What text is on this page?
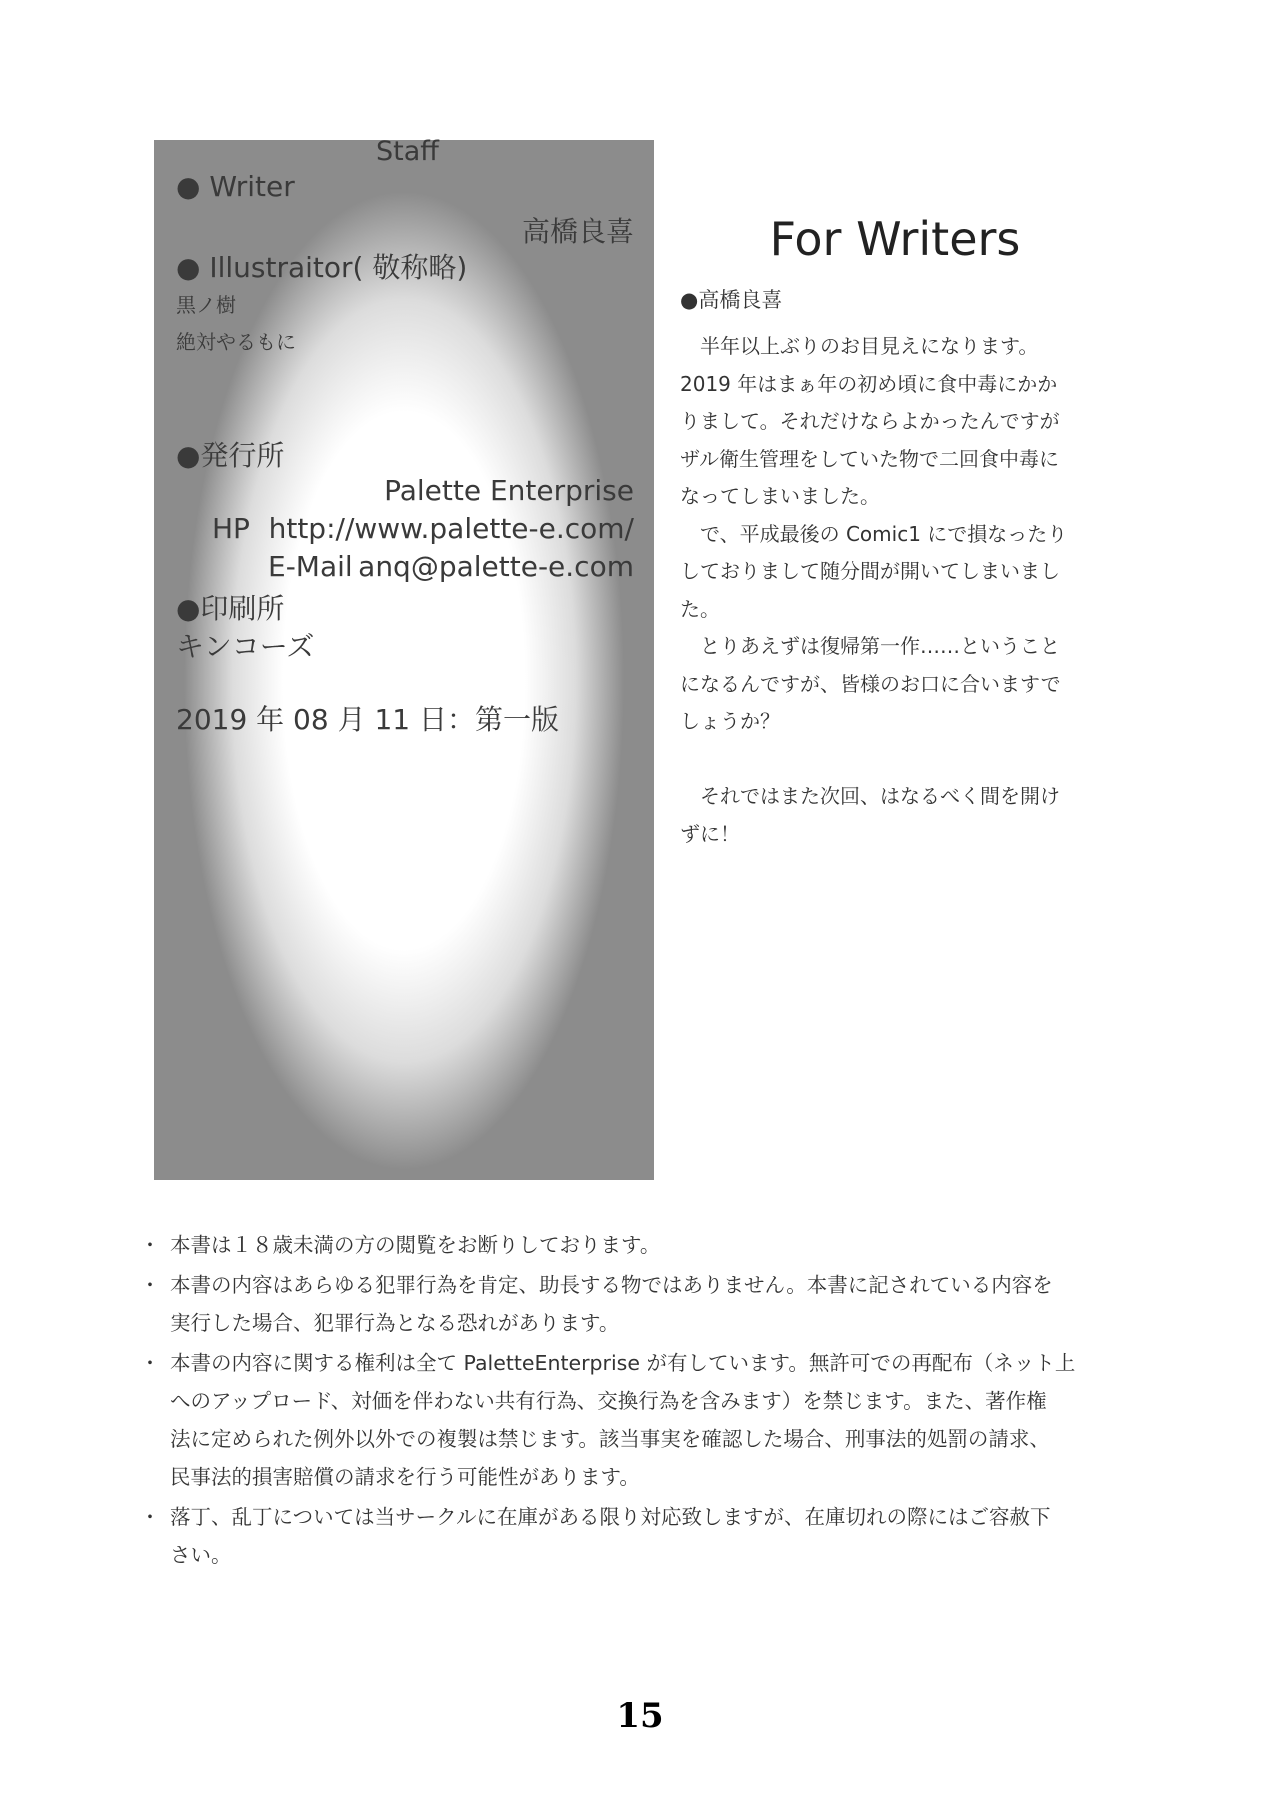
Staff
● Writer
高橋良喜
● Illustraitor( 敬称略)
黒ノ樹
絶対やるもに
●発行所
Palette Enterprise
HP http://www.palette-e.com/
E-Mail anq@palette-e.com
●印刷所
キンコーズ
2019 年 08 月 11 日：第一版
For Writers
●高橋良喜
　半年以上ぶりのお目見えになります。
2019 年はまぁ年の初め頃に食中毒にかか
りまして。それだけならよかったんですが
ザル衛生管理をしていた物で二回食中毒に
なってしまいました。
　で、平成最後の Comic1 にで損なったり
しておりまして随分間が開いてしまいまし
た。
　とりあえずは復帰第一作……ということ
になるんですが、皆様のお口に合いますで
しょうか？
　それではまた次回、はなるべく間を開け
ずに！
・ 本書は１８歳未満の方の閲覧をお断りしております。
・ 本書の内容はあらゆる犯罪行為を肯定、助長する物ではありません。本書に記されている内容を
実行した場合、犯罪行為となる恐れがあります。
・ 本書の内容に関する権利は全て PaletteEnterprise が有しています。無許可での再配布（ネット上
へのアップロード、対価を伴わない共有行為、交換行為を含みます）を禁じます。また、著作権
法に定められた例外以外での複製は禁じます。該当事実を確認した場合、刑事法的処罰の請求、
民事法的損害賠償の請求を行う可能性があります。
・ 落丁、乱丁については当サークルに在庫がある限り対応致しますが、在庫切れの際にはご容赦下
さい。
15
